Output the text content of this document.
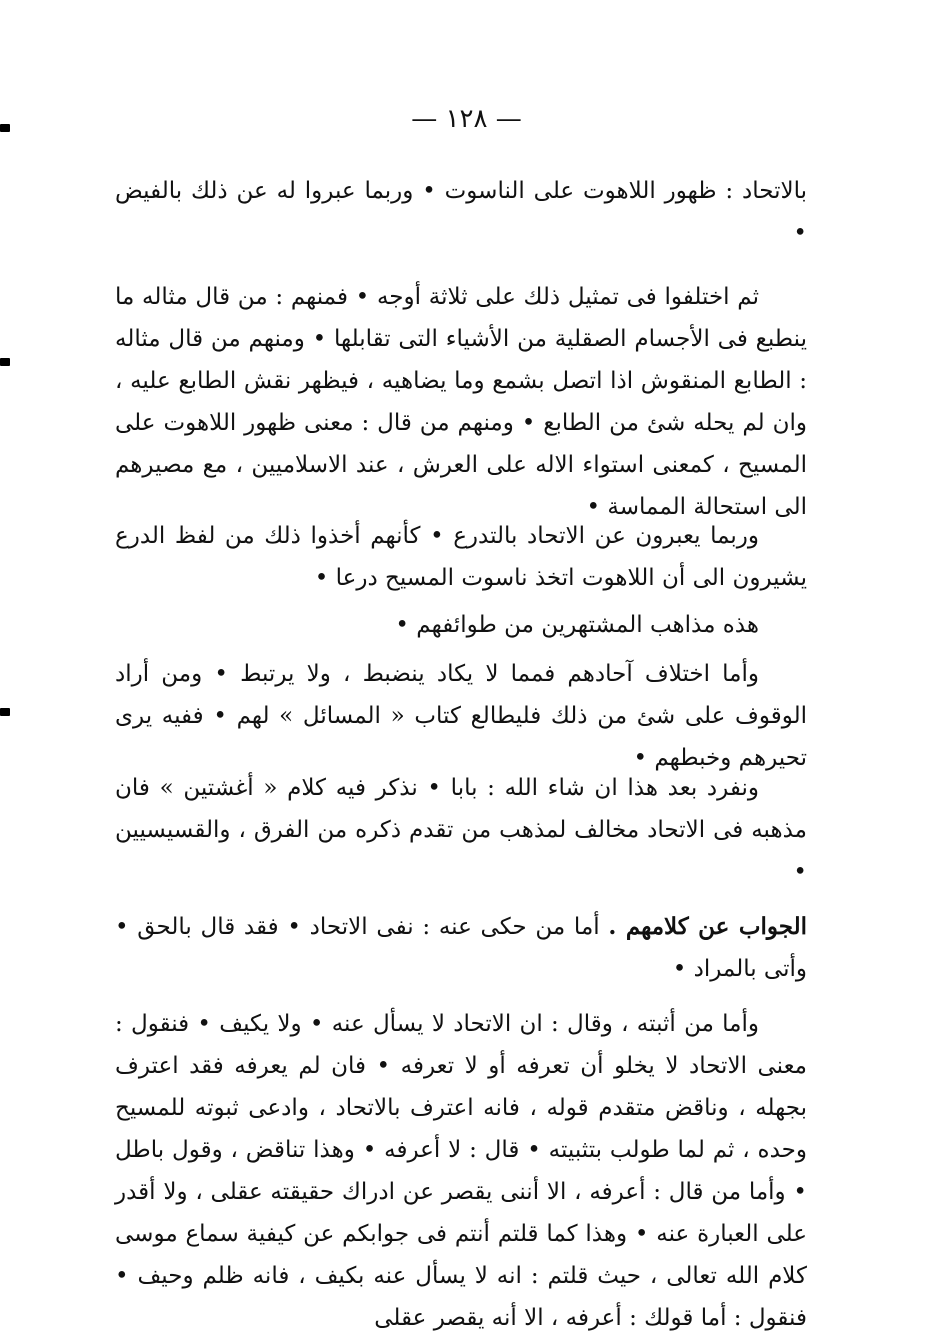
— ١٢٨ —

بالاتحاد : ظهور اللاهوت على الناسوت • وربما عبروا له عن ذلك بالفيض •

ثم اختلفوا فى تمثيل ذلك على ثلاثة أوجه • فمنهم : من قال مثاله ما ينطبع فى الأجسام الصقلية من الأشياء التى تقابلها • ومنهم من قال مثاله : الطابع المنقوش اذا اتصل بشمع وما يضاهيه ، فيظهر نقش الطابع عليه ، وان لم يحله شئ من الطابع • ومنهم من قال : معنى ظهور اللاهوت على المسيح ، كمعنى استواء الاله على العرش ، عند الاسلاميين ، مع مصيرهم الى استحالة المماسة •

وربما يعبرون عن الاتحاد بالتدرع • كأنهم أخذوا ذلك من لفظ الدرع يشيرون الى أن اللاهوت اتخذ ناسوت المسيح درعا •

هذه مذاهب المشتهرين من طوائفهم •

وأما اختلاف آحادهم فمما لا يكاد ينضبط ، ولا يرتبط • ومن أراد الوقوف على شئ من ذلك فليطالع كتاب « المسائل » لهم • ففيه يرى تحيرهم وخبطهم •

ونفرد بعد هذا ان شاء الله : بابا • نذكر فيه كلام « أغشتين » فان مذهبه فى الاتحاد مخالف لمذهب من تقدم ذكره من الفرق ، والقسيسيين •

الجواب عن كلامهم . أما من حكى عنه : نفى الاتحاد • فقد قال بالحق • وأتى بالمراد •

وأما من أثبته ، وقال : ان الاتحاد لا يسأل عنه • ولا يكيف • فنقول : معنى الاتحاد لا يخلو أن تعرفه أو لا تعرفه • فان لم يعرفه فقد اعترف بجهله ، وناقض متقدم قوله ، فانه اعترف بالاتحاد ، وادعى ثبوته للمسيح وحده ، ثم لما طولب بتثبيته • قال : لا أعرفه • وهذا تناقض ، وقول باطل • وأما من قال : أعرفه ، الا أننى يقصر عن ادراك حقيقته عقلى ، ولا أقدر على العبارة عنه • وهذا كما قلتم أنتم فى جوابكم عن كيفية سماع موسى كلام الله تعالى ، حيث قلتم : انه لا يسأل عنه بكيف ، فانه ظلم وحيف • فنقول : أما قولك : أعرفه ، الا أنه يقصر عقلى
